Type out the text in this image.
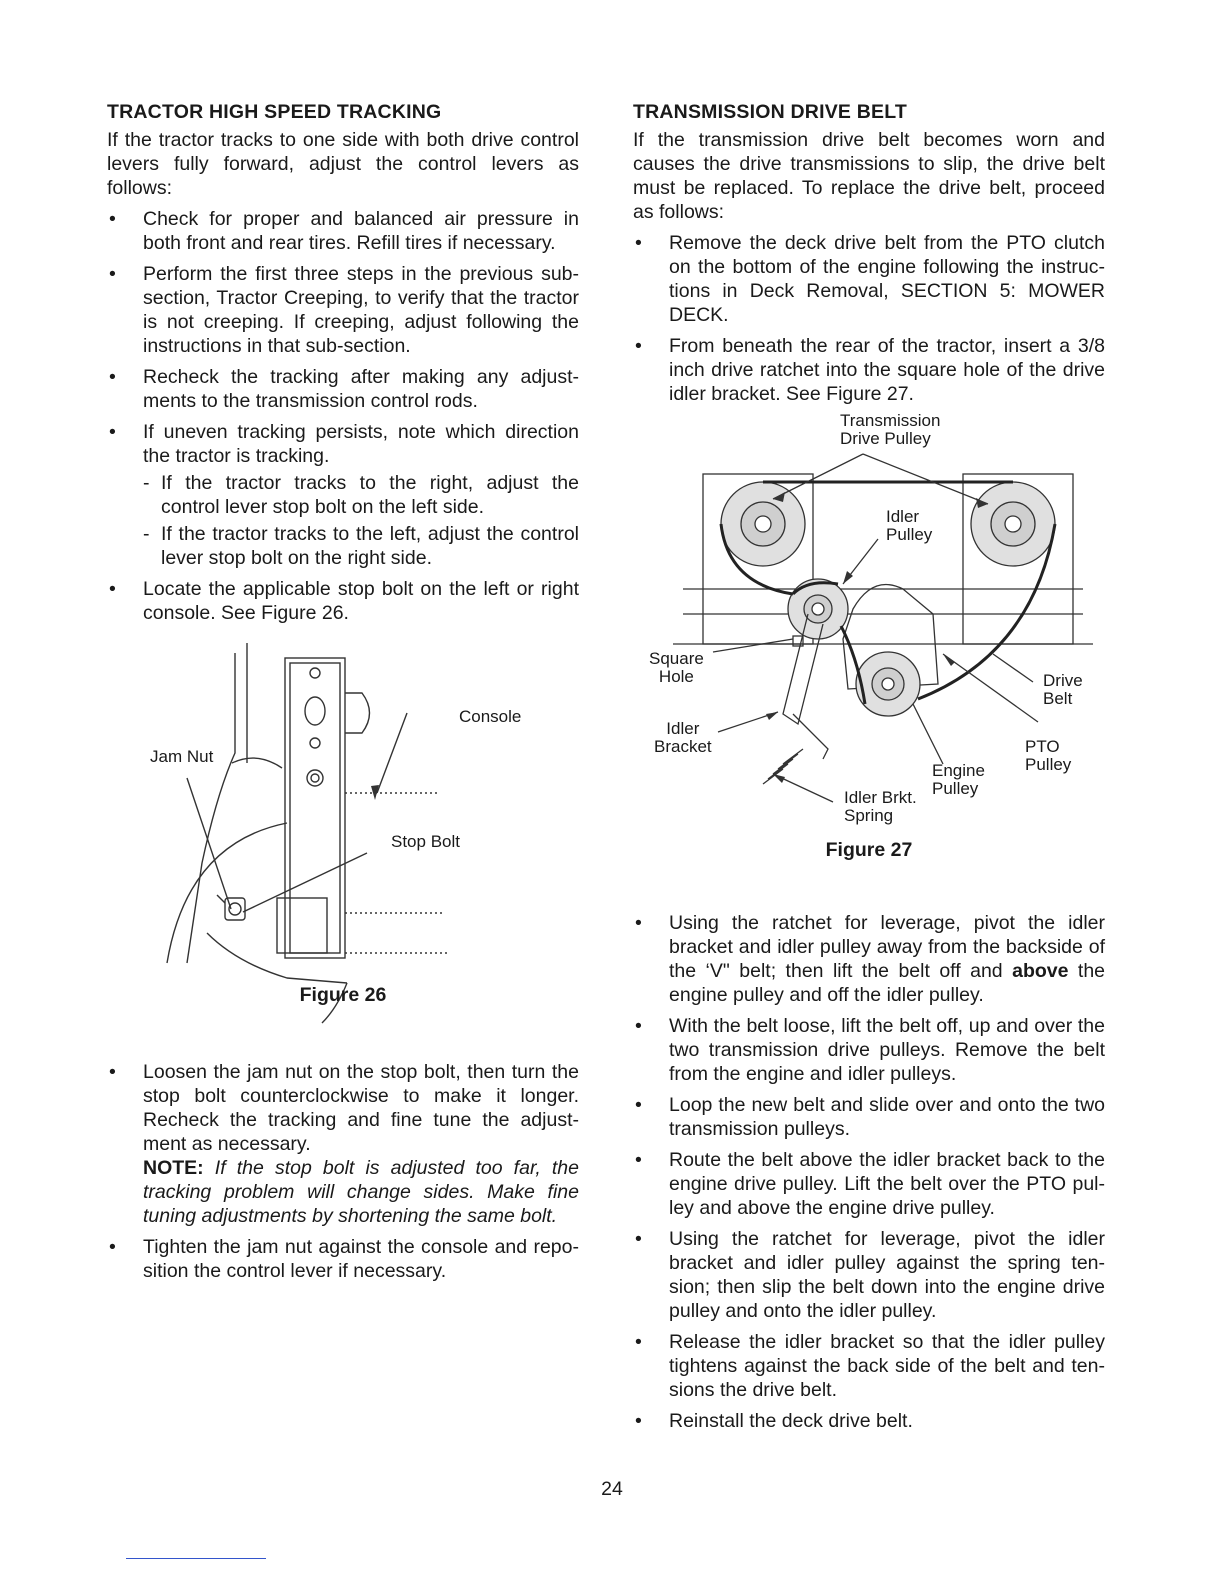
TRACTOR HIGH SPEED TRACKING

If the tractor tracks to one side with both drive control levers fully forward, adjust the control levers as follows:

• Check for proper and balanced air pressure in both front and rear tires. Refill tires if necessary.
• Perform the first three steps in the previous sub-section, Tractor Creeping, to verify that the tractor is not creeping. If creeping, adjust following the instructions in that sub-section.
• Recheck the tracking after making any adjust-ments to the transmission control rods.
• If uneven tracking persists, note which direction the tractor is tracking.
- If the tractor tracks to the right, adjust the control lever stop bolt on the left side.
- If the tractor tracks to the left, adjust the control lever stop bolt on the right side.
• Locate the applicable stop bolt on the left or right console. See Figure 26.
Console
Jam Nut
Stop Bolt
Figure 26
• Loosen the jam nut on the stop bolt, then turn the stop bolt counterclockwise to make it longer. Recheck the tracking and fine tune the adjust-ment as necessary.
NOTE: If the stop bolt is adjusted too far, the tracking problem will change sides. Make fine tuning adjustments by shortening the same bolt.
• Tighten the jam nut against the console and repo-sition the control lever if necessary.
TRANSMISSION DRIVE BELT

If the transmission drive belt becomes worn and causes the drive transmissions to slip, the drive belt must be replaced. To replace the drive belt, proceed as follows:

• Remove the deck drive belt from the PTO clutch on the bottom of the engine following the instruc-tions in Deck Removal, SECTION 5: MOWER DECK.
• From beneath the rear of the tractor, insert a 3/8 inch drive ratchet into the square hole of the drive idler bracket. See Figure 27.
Transmission
Drive Pulley
Idler
Pulley
Square
Hole
Idler
Bracket
Drive
Belt
PTO
Pulley
Engine
Pulley
Idler Brkt.
Spring
Figure 27
• Using the ratchet for leverage, pivot the idler bracket and idler pulley away from the backside of the ‘V" belt; then lift the belt off and above the engine pulley and off the idler pulley.
• With the belt loose, lift the belt off, up and over the two transmission drive pulleys. Remove the belt from the engine and idler pulleys.
• Loop the new belt and slide over and onto the two transmission pulleys.
• Route the belt above the idler bracket back to the engine drive pulley. Lift the belt over the PTO pul-ley and above the engine drive pulley.
• Using the ratchet for leverage, pivot the idler bracket and idler pulley against the spring ten-sion; then slip the belt down into the engine drive pulley and onto the idler pulley.
• Release the idler bracket so that the idler pulley tightens against the back side of the belt and ten-sions the drive belt.
• Reinstall the deck drive belt.
24
